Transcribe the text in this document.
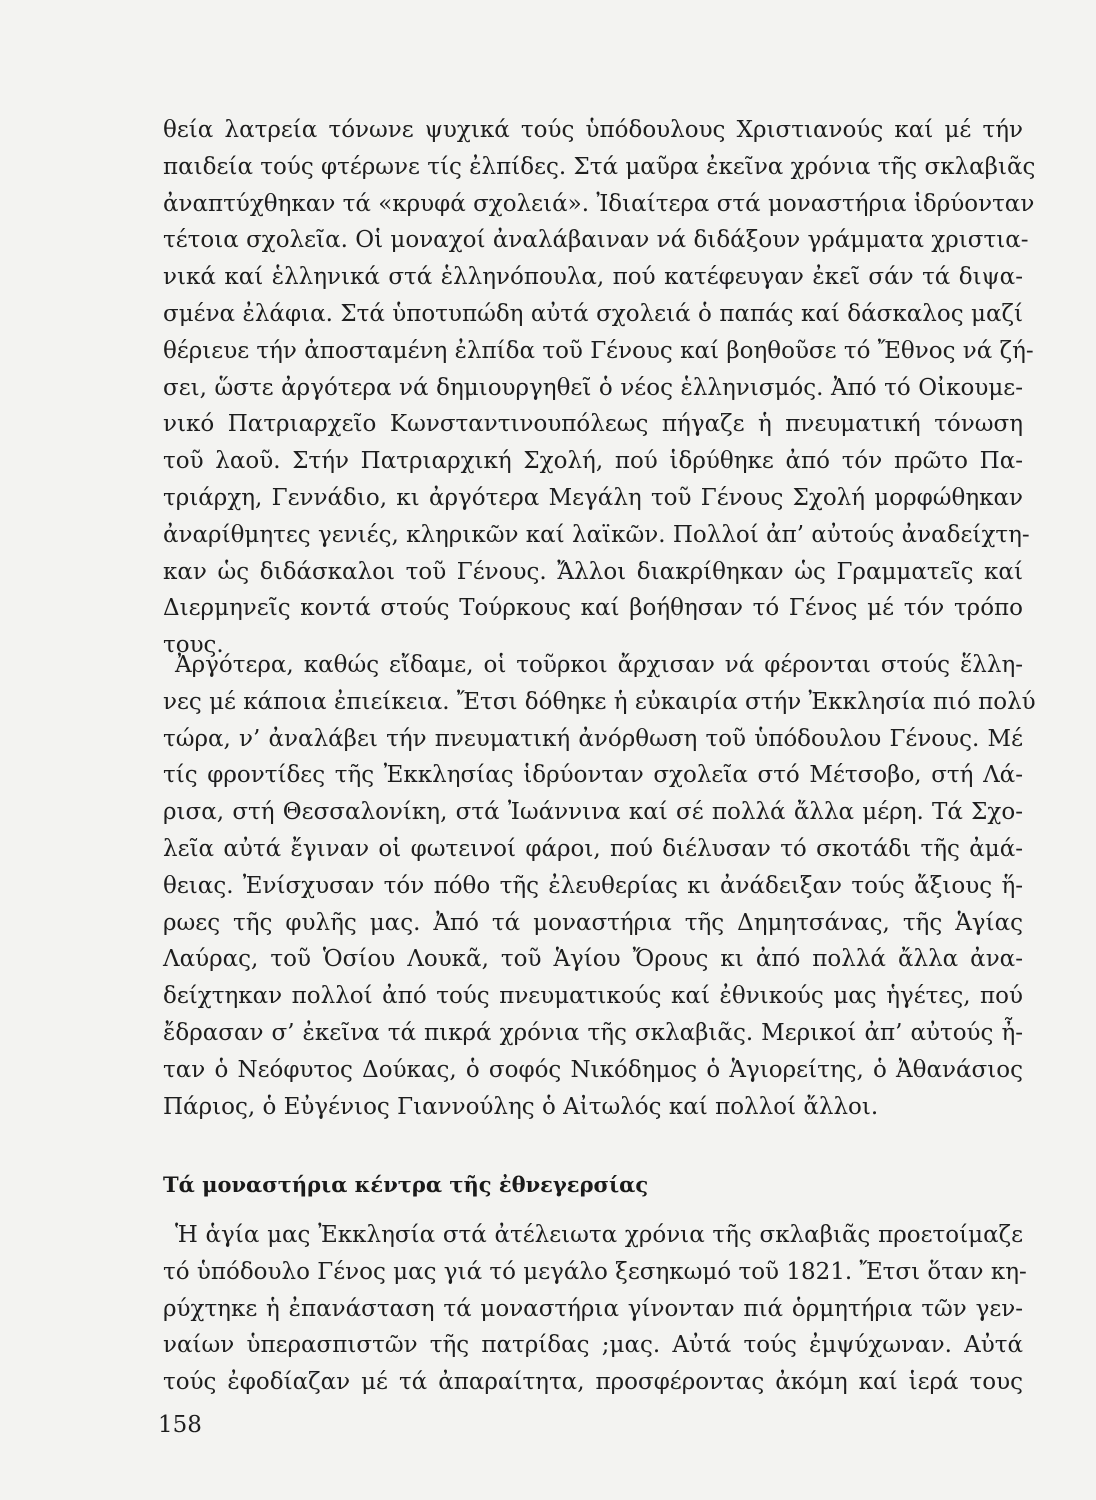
θεία λατρεία τόνωνε ψυχικά τούς ὑπόδουλους Χριστιανούς καί μέ τήν
παιδεία τούς φτέρωνε τίς ἐλπίδες. Στά μαῦρα ἐκεῖνα χρόνια τῆς σκλαβιᾶς
ἀναπτύχθηκαν τά «κρυφά σχολειά». Ἰδιαίτερα στά μοναστήρια ἱδρύονταν
τέτοια σχολεῖα. Οἱ μοναχοί ἀναλάβαιναν νά διδάξουν γράμματα χριστια-
νικά καί ἑλληνικά στά ἑλληνόπουλα, πού κατέφευγαν ἐκεῖ σάν τά διψα-
σμένα ἐλάφια. Στά ὑποτυπώδη αὐτά σχολειά ὁ παπάς καί δάσκαλος μαζί
θέριευε τήν ἀποσταμένη ἐλπίδα τοῦ Γένους καί βοηθοῦσε τό Ἔθνος νά ζή-
σει, ὥστε ἀργότερα νά δημιουργηθεῖ ὁ νέος ἑλληνισμός. Ἀπό τό Οἰκουμε-
νικό Πατριαρχεῖο Κωνσταντινουπόλεως πήγαζε ἡ πνευματική τόνωση
τοῦ λαοῦ. Στήν Πατριαρχική Σχολή, πού ἱδρύθηκε ἀπό τόν πρῶτο Πα-
τριάρχη, Γεννάδιο, κι ἀργότερα Μεγάλη τοῦ Γένους Σχολή μορφώθηκαν
ἀναρίθμητες γενιές, κληρικῶν καί λαϊκῶν. Πολλοί ἀπ’ αὐτούς ἀναδείχτη-
καν ὡς διδάσκαλοι τοῦ Γένους. Ἄλλοι διακρίθηκαν ὡς Γραμματεῖς καί
Διερμηνεῖς κοντά στούς Τούρκους καί βοήθησαν τό Γένος μέ τόν τρόπο
τους.
Ἀργότερα, καθώς εἴδαμε, οἱ τοῦρκοι ἄρχισαν νά φέρονται στούς ἕλλη-
νες μέ κάποια ἐπιείκεια. Ἔτσι δόθηκε ἡ εὐκαιρία στήν Ἐκκλησία πιό πολύ
τώρα, ν’ ἀναλάβει τήν πνευματική ἀνόρθωση τοῦ ὑπόδουλου Γένους. Μέ
τίς φροντίδες τῆς Ἐκκλησίας ἱδρύονταν σχολεῖα στό Μέτσοβο, στή Λά-
ρισα, στή Θεσσαλονίκη, στά Ἰωάννινα καί σέ πολλά ἄλλα μέρη. Τά Σχο-
λεῖα αὐτά ἔγιναν οἱ φωτεινοί φάροι, πού διέλυσαν τό σκοτάδι τῆς ἀμά-
θειας. Ἐνίσχυσαν τόν πόθο τῆς ἐλευθερίας κι ἀνάδειξαν τούς ἄξιους ἥ-
ρωες τῆς φυλῆς μας. Ἀπό τά μοναστήρια τῆς Δημητσάνας, τῆς Ἁγίας
Λαύρας, τοῦ Ὁσίου Λουκᾶ, τοῦ Ἁγίου Ὄρους κι ἀπό πολλά ἄλλα ἀνα-
δείχτηκαν πολλοί ἀπό τούς πνευματικούς καί ἐθνικούς μας ἡγέτες, πού
ἔδρασαν σ’ ἐκεῖνα τά πικρά χρόνια τῆς σκλαβιᾶς. Μερικοί ἀπ’ αὐτούς ἦ-
ταν ὁ Νεόφυτος Δούκας, ὁ σοφός Νικόδημος ὁ Ἁγιορείτης, ὁ Ἀθανάσιος
Πάριος, ὁ Εὐγένιος Γιαννούλης ὁ Αἰτωλός καί πολλοί ἄλλοι.
Τά μοναστήρια κέντρα τῆς ἐθνεγερσίας
Ἡ ἁγία μας Ἐκκλησία στά ἀτέλειωτα χρόνια τῆς σκλαβιᾶς προετοίμαζε
τό ὑπόδουλο Γένος μας γιά τό μεγάλο ξεσηκωμό τοῦ 1821. Ἔτσι ὅταν κη-
ρύχτηκε ἡ ἐπανάσταση τά μοναστήρια γίνονταν πιά ὁρμητήρια τῶν γεν-
ναίων ὑπερασπιστῶν τῆς πατρίδας ;μας. Αὐτά τούς ἐμψύχωναν. Αὐτά
τούς ἐφοδίαζαν μέ τά ἀπαραίτητα, προσφέροντας ἀκόμη καί ἱερά τους
158
